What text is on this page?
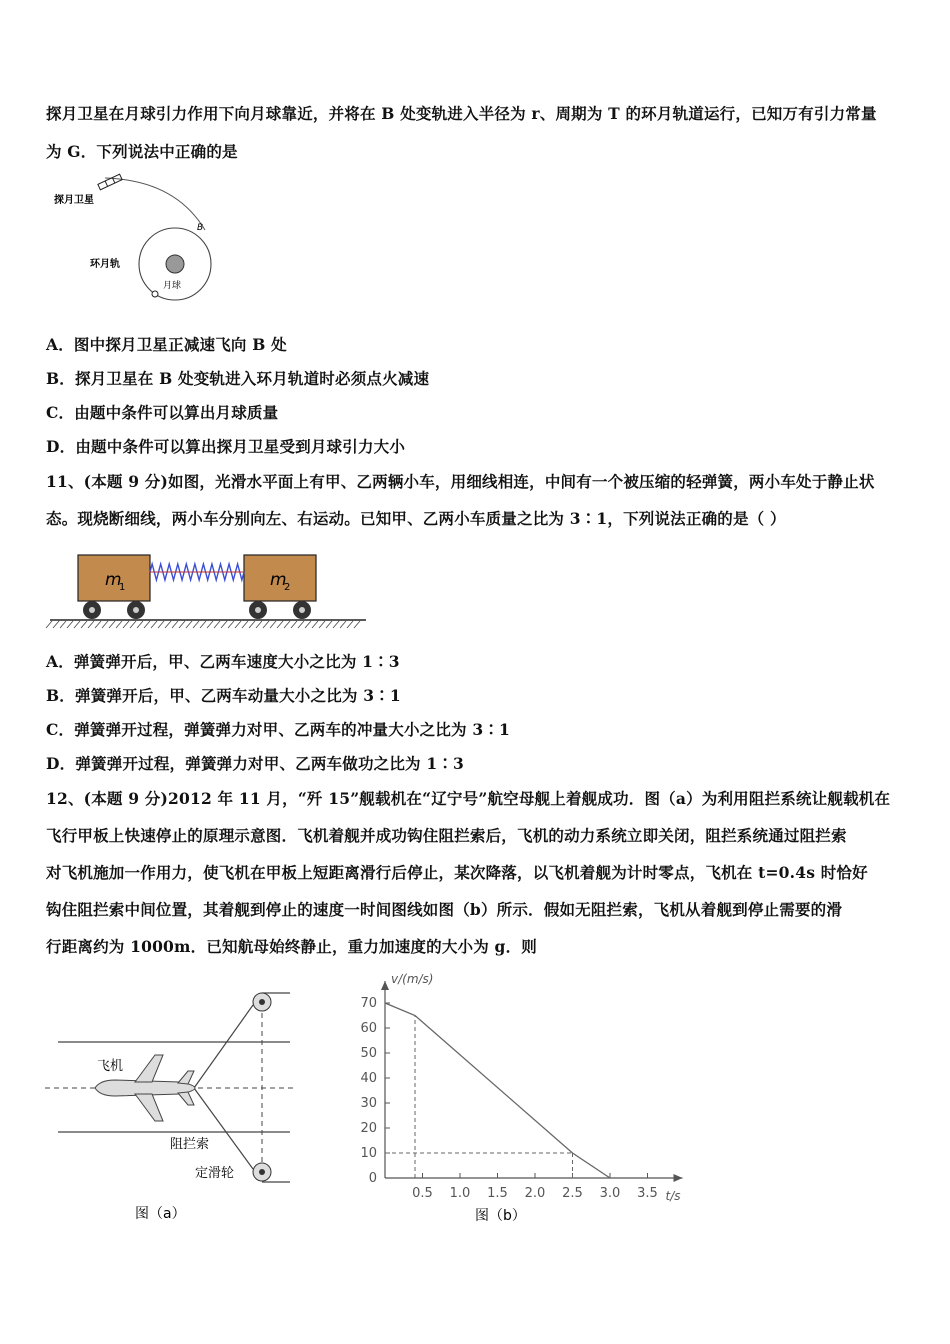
探月卫星在月球引力作用下向月球靠近，并将在 B 处变轨进入半径为 r、周期为 T 的环月轨道运行，已知万有引力常量
为 G．下列说法中正确的是
探月卫星
B
环月轨
月球
A．图中探月卫星正减速飞向 B 处
B．探月卫星在 B 处变轨进入环月轨道时必须点火减速
C．由题中条件可以算出月球质量
D．由题中条件可以算出探月卫星受到月球引力大小
11、(本题 9 分)如图，光滑水平面上有甲、乙两辆小车，用细线相连，中间有一个被压缩的轻弹簧，两小车处于静止状
态。现烧断细线，两小车分别向左、右运动。已知甲、乙两小车质量之比为 3∶1，下列说法正确的是（ ）
m
1	m
2
A．弹簧弹开后，甲、乙两车速度大小之比为 1∶3
B．弹簧弹开后，甲、乙两车动量大小之比为 3∶1
C．弹簧弹开过程，弹簧弹力对甲、乙两车的冲量大小之比为 3∶1
D．弹簧弹开过程，弹簧弹力对甲、乙两车做功之比为 1∶3
12、(本题 9 分)2012 年 11 月，“歼 15”舰载机在“辽宁号”航空母舰上着舰成功．图（a）为利用阻拦系统让舰载机在
飞行甲板上快速停止的原理示意图．飞机着舰并成功钩住阻拦索后，飞机的动力系统立即关闭，阻拦系统通过阻拦索
对飞机施加一作用力，使飞机在甲板上短距离滑行后停止，某次降落，以飞机着舰为计时零点，飞机在 t=0.4s 时恰好
钩住阻拦索中间位置，其着舰到停止的速度一时间图线如图（b）所示．假如无阻拦索，飞机从着舰到停止需要的滑
行距离约为 1000m．已知航母始终静止，重力加速度的大小为 g．则
飞机
阻拦索
定滑轮
图（a）
0
10
20
30
40
50
60
70
0.5 1.0 1.5 2.0 2.5 3.0 3.5
v/(m/s)
t/s
图（b）
